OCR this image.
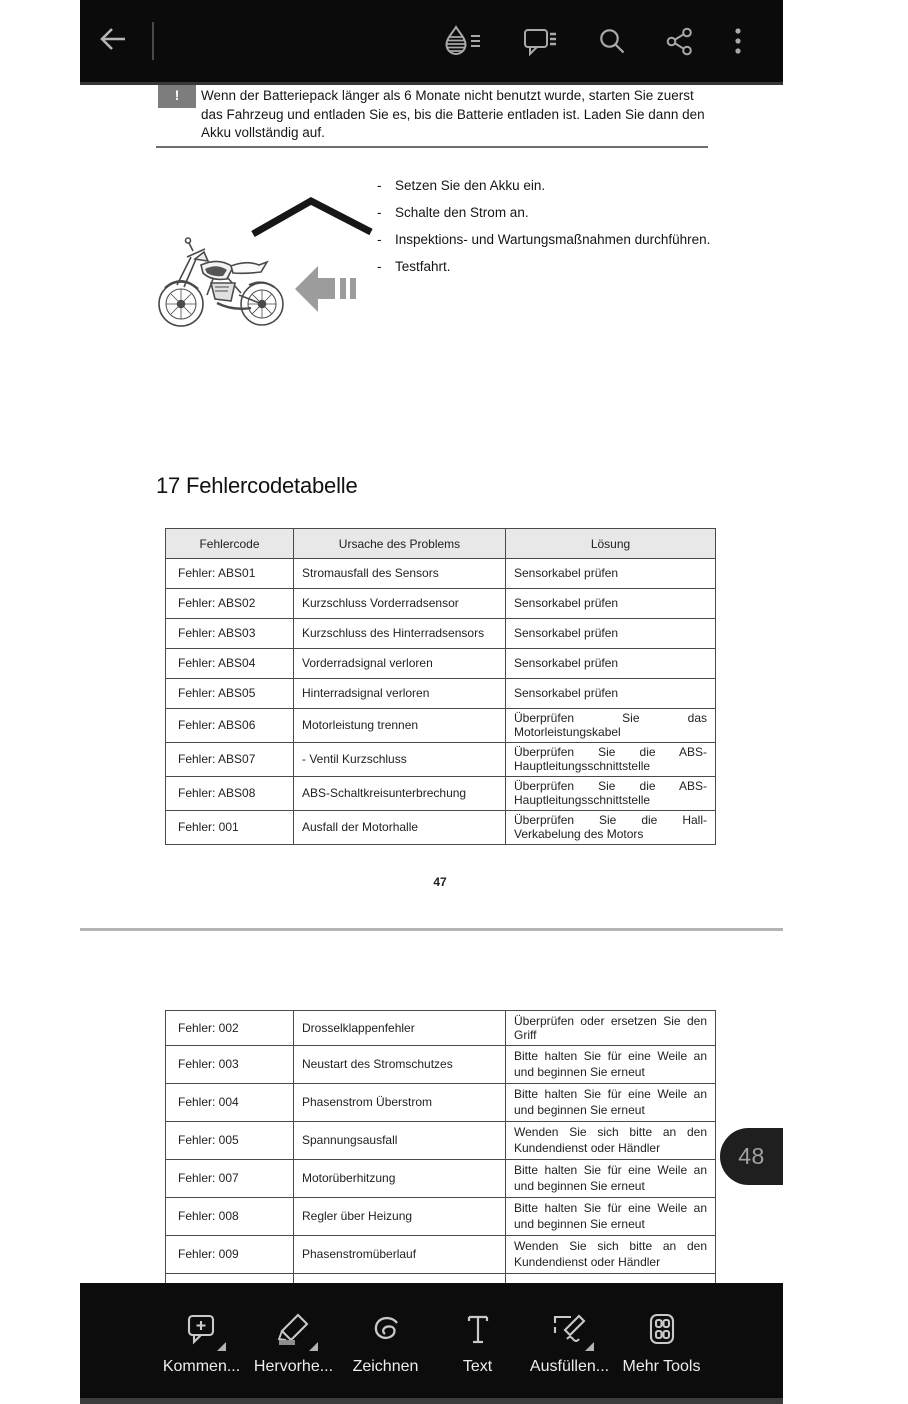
!	Wenn der Batteriepack länger als 6 Monate nicht benutzt wurde, starten Sie zuerst das Fahrzeug und entladen Sie es, bis die Batterie entladen ist. Laden Sie dann den Akku vollständig auf.
-	Setzen Sie den Akku ein.
-	Schalte den Strom an.
-	Inspektions- und Wartungsmaßnahmen durchführen.
-	Testfahrt.
17 Fehlercodetabelle
Fehlercode	Ursache des Problems	Lösung
Fehler: ABS01	Stromausfall des Sensors	Sensorkabel prüfen
Fehler: ABS02	Kurzschluss Vorderradsensor	Sensorkabel prüfen
Fehler: ABS03	Kurzschluss des Hinterradsensors	Sensorkabel prüfen
Fehler: ABS04	Vorderradsignal verloren	Sensorkabel prüfen
Fehler: ABS05	Hinterradsignal verloren	Sensorkabel prüfen
Fehler: ABS06	Motorleistung trennen	Überprüfen Sie das Motorleistungskabel
Fehler: ABS07	- Ventil Kurzschluss	Überprüfen Sie die ABS-Hauptleitungsschnittstelle
Fehler: ABS08	ABS-Schaltkreisunterbrechung	Überprüfen Sie die ABS-Hauptleitungsschnittstelle
Fehler: 001	Ausfall der Motorhalle	Überprüfen Sie die Hall-Verkabelung des Motors
47
Fehler: 002	Drosselklappenfehler	Überprüfen oder ersetzen Sie den Griff
Fehler: 003	Neustart des Stromschutzes	Bitte halten Sie für eine Weile an und beginnen Sie erneut
Fehler: 004	Phasenstrom Überstrom	Bitte halten Sie für eine Weile an und beginnen Sie erneut
Fehler: 005	Spannungsausfall	Wenden Sie sich bitte an den Kundendienst oder Händler
Fehler: 007	Motorüberhitzung	Bitte halten Sie für eine Weile an und beginnen Sie erneut
Fehler: 008	Regler über Heizung	Bitte halten Sie für eine Weile an und beginnen Sie erneut
Fehler: 009	Phasenstromüberlauf	Wenden Sie sich bitte an den Kundendienst oder Händler

48
Kommen... Hervorhe... Zeichnen	Text Ausfüllen... Mehr Tools
